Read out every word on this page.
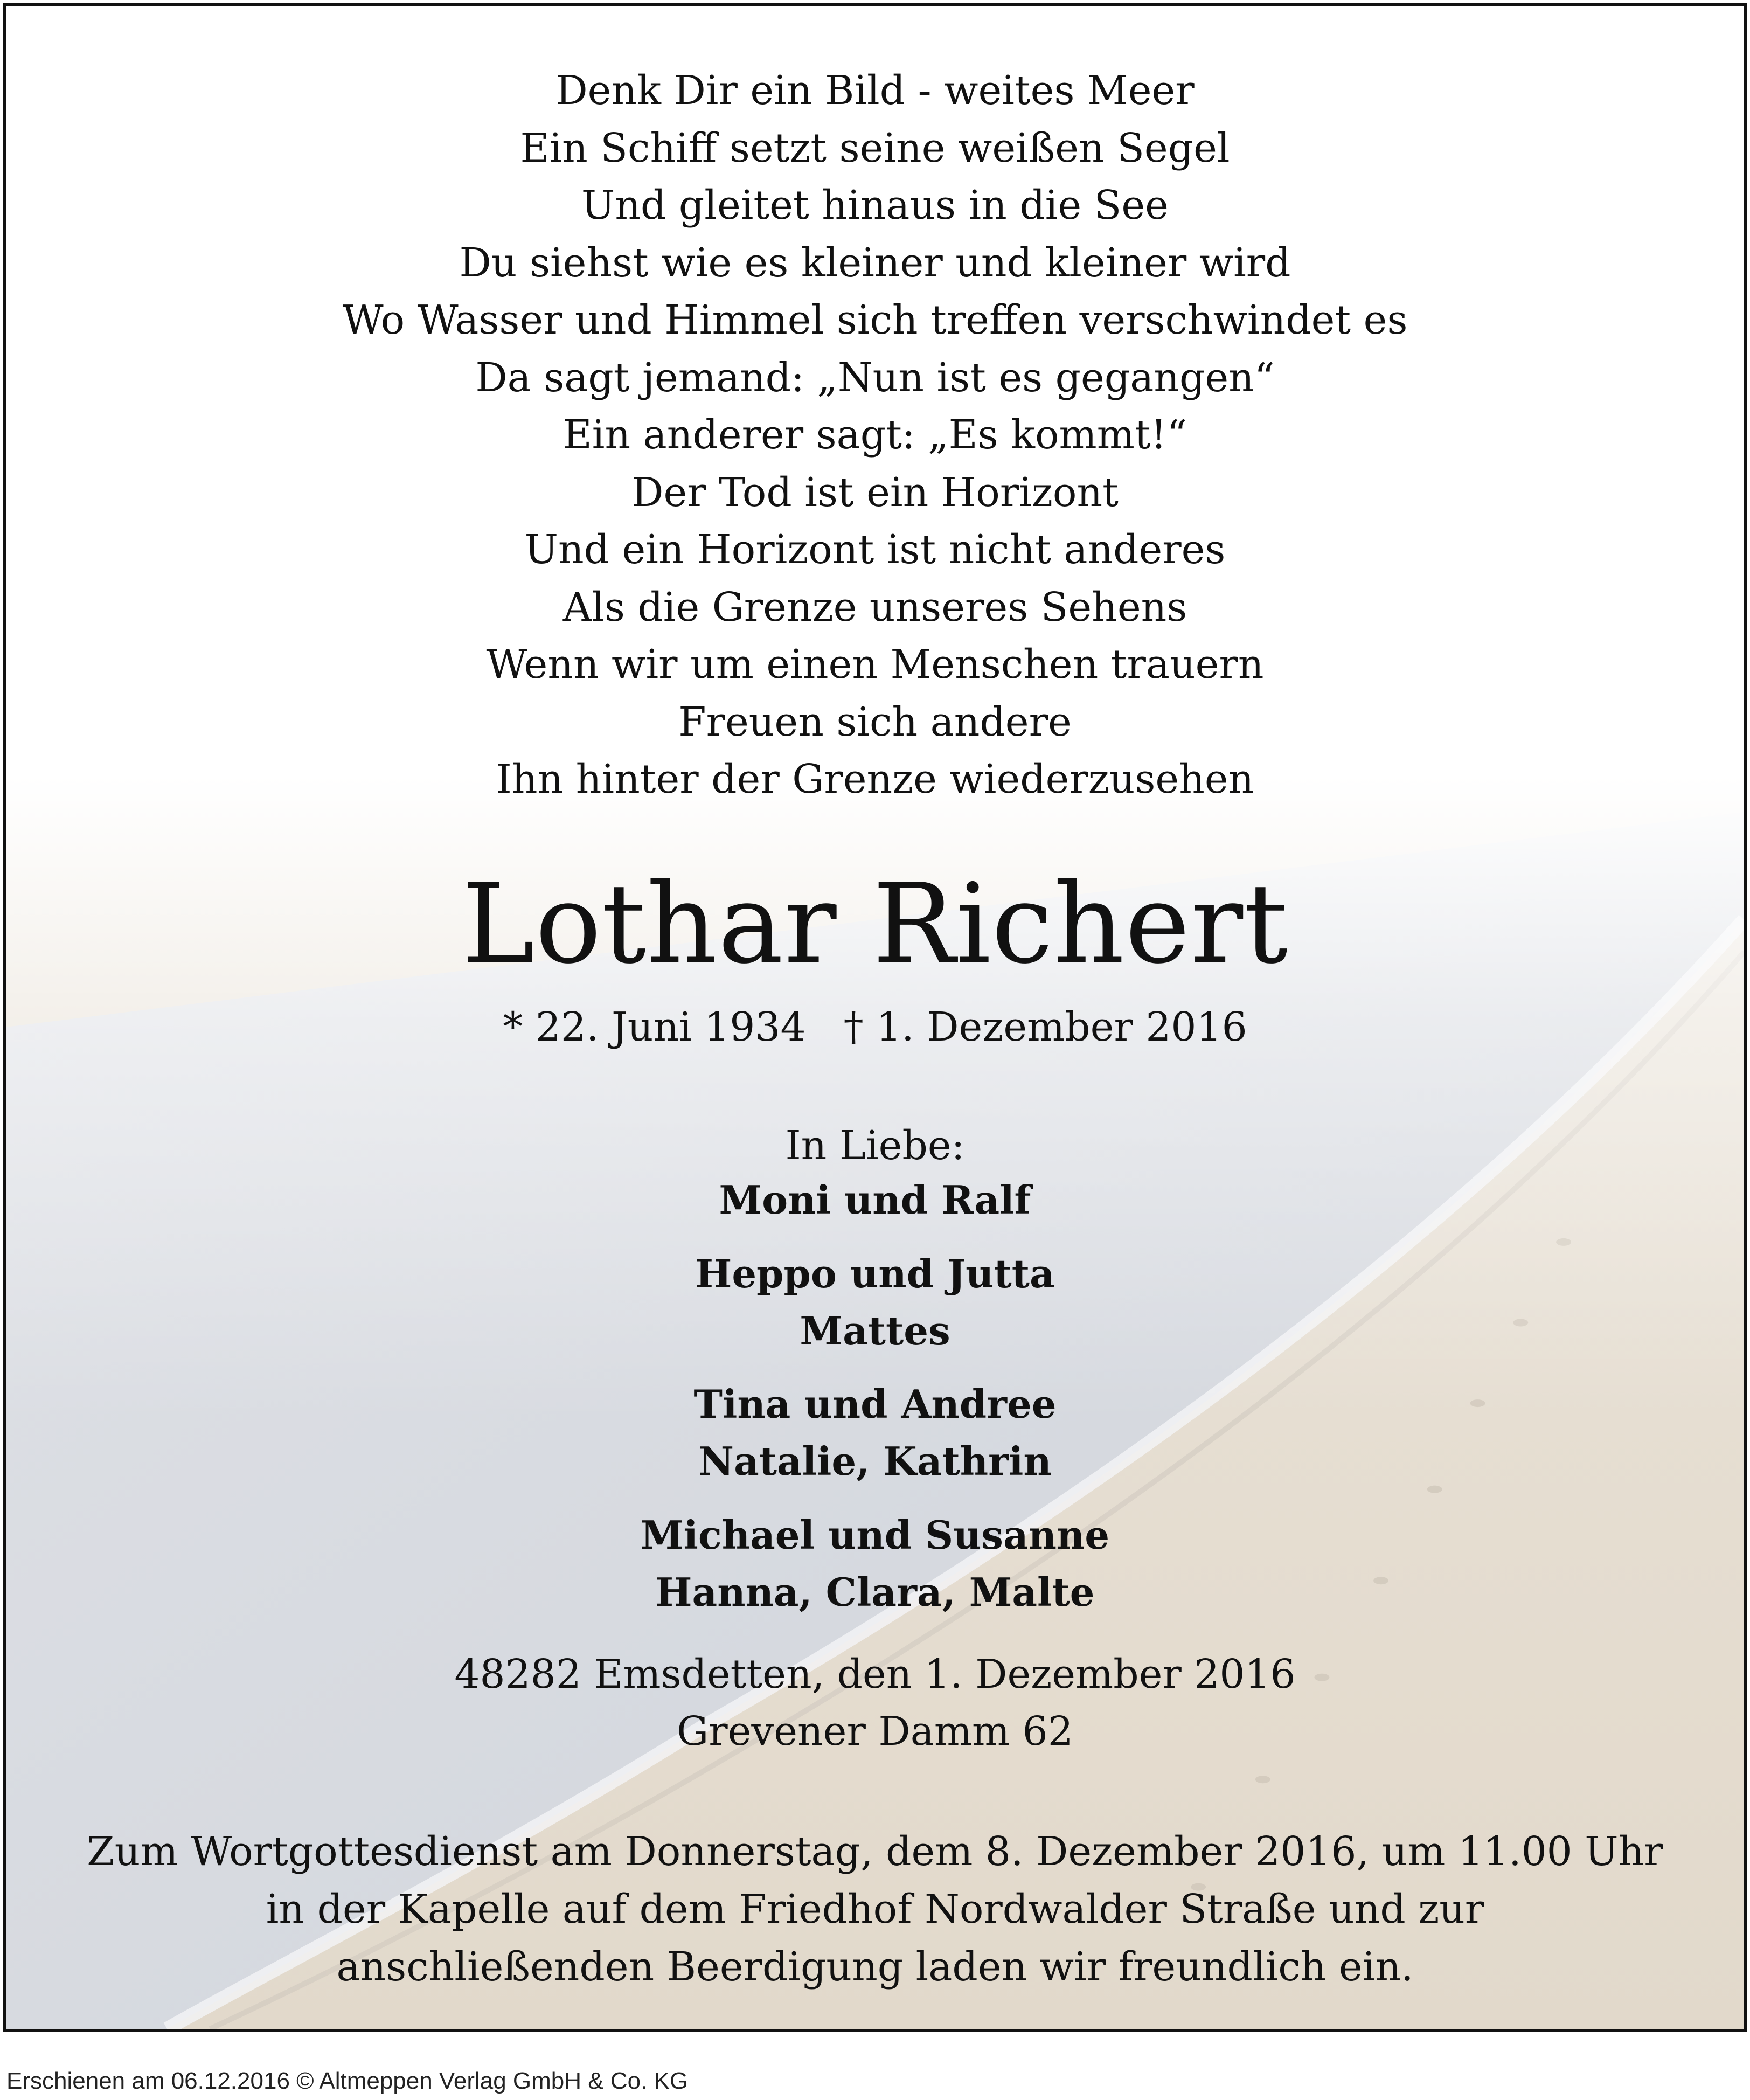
Denk Dir ein Bild - weites Meer
Ein Schiff setzt seine weißen Segel
Und gleitet hinaus in die See
Du siehst wie es kleiner und kleiner wird
Wo Wasser und Himmel sich treffen verschwindet es
Da sagt jemand: „Nun ist es gegangen“
Ein anderer sagt: „Es kommt!“
Der Tod ist ein Horizont
Und ein Horizont ist nicht anderes
Als die Grenze unseres Sehens
Wenn wir um einen Menschen trauern
Freuen sich andere
Ihn hinter der Grenze wiederzusehen
Lothar Richert
* 22. Juni 1934 † 1. Dezember 2016
In Liebe:
Moni und Ralf
Heppo und Jutta
Mattes
Tina und Andree
Natalie, Kathrin
Michael und Susanne
Hanna, Clara, Malte
48282 Emsdetten, den 1. Dezember 2016
Grevener Damm 62
Zum Wortgottesdienst am Donnerstag, dem 8. Dezember 2016, um 11.00 Uhr
in der Kapelle auf dem Friedhof Nordwalder Straße und zur
anschließenden Beerdigung laden wir freundlich ein.
Erschienen am 06.12.2016 © Altmeppen Verlag GmbH & Co. KG
